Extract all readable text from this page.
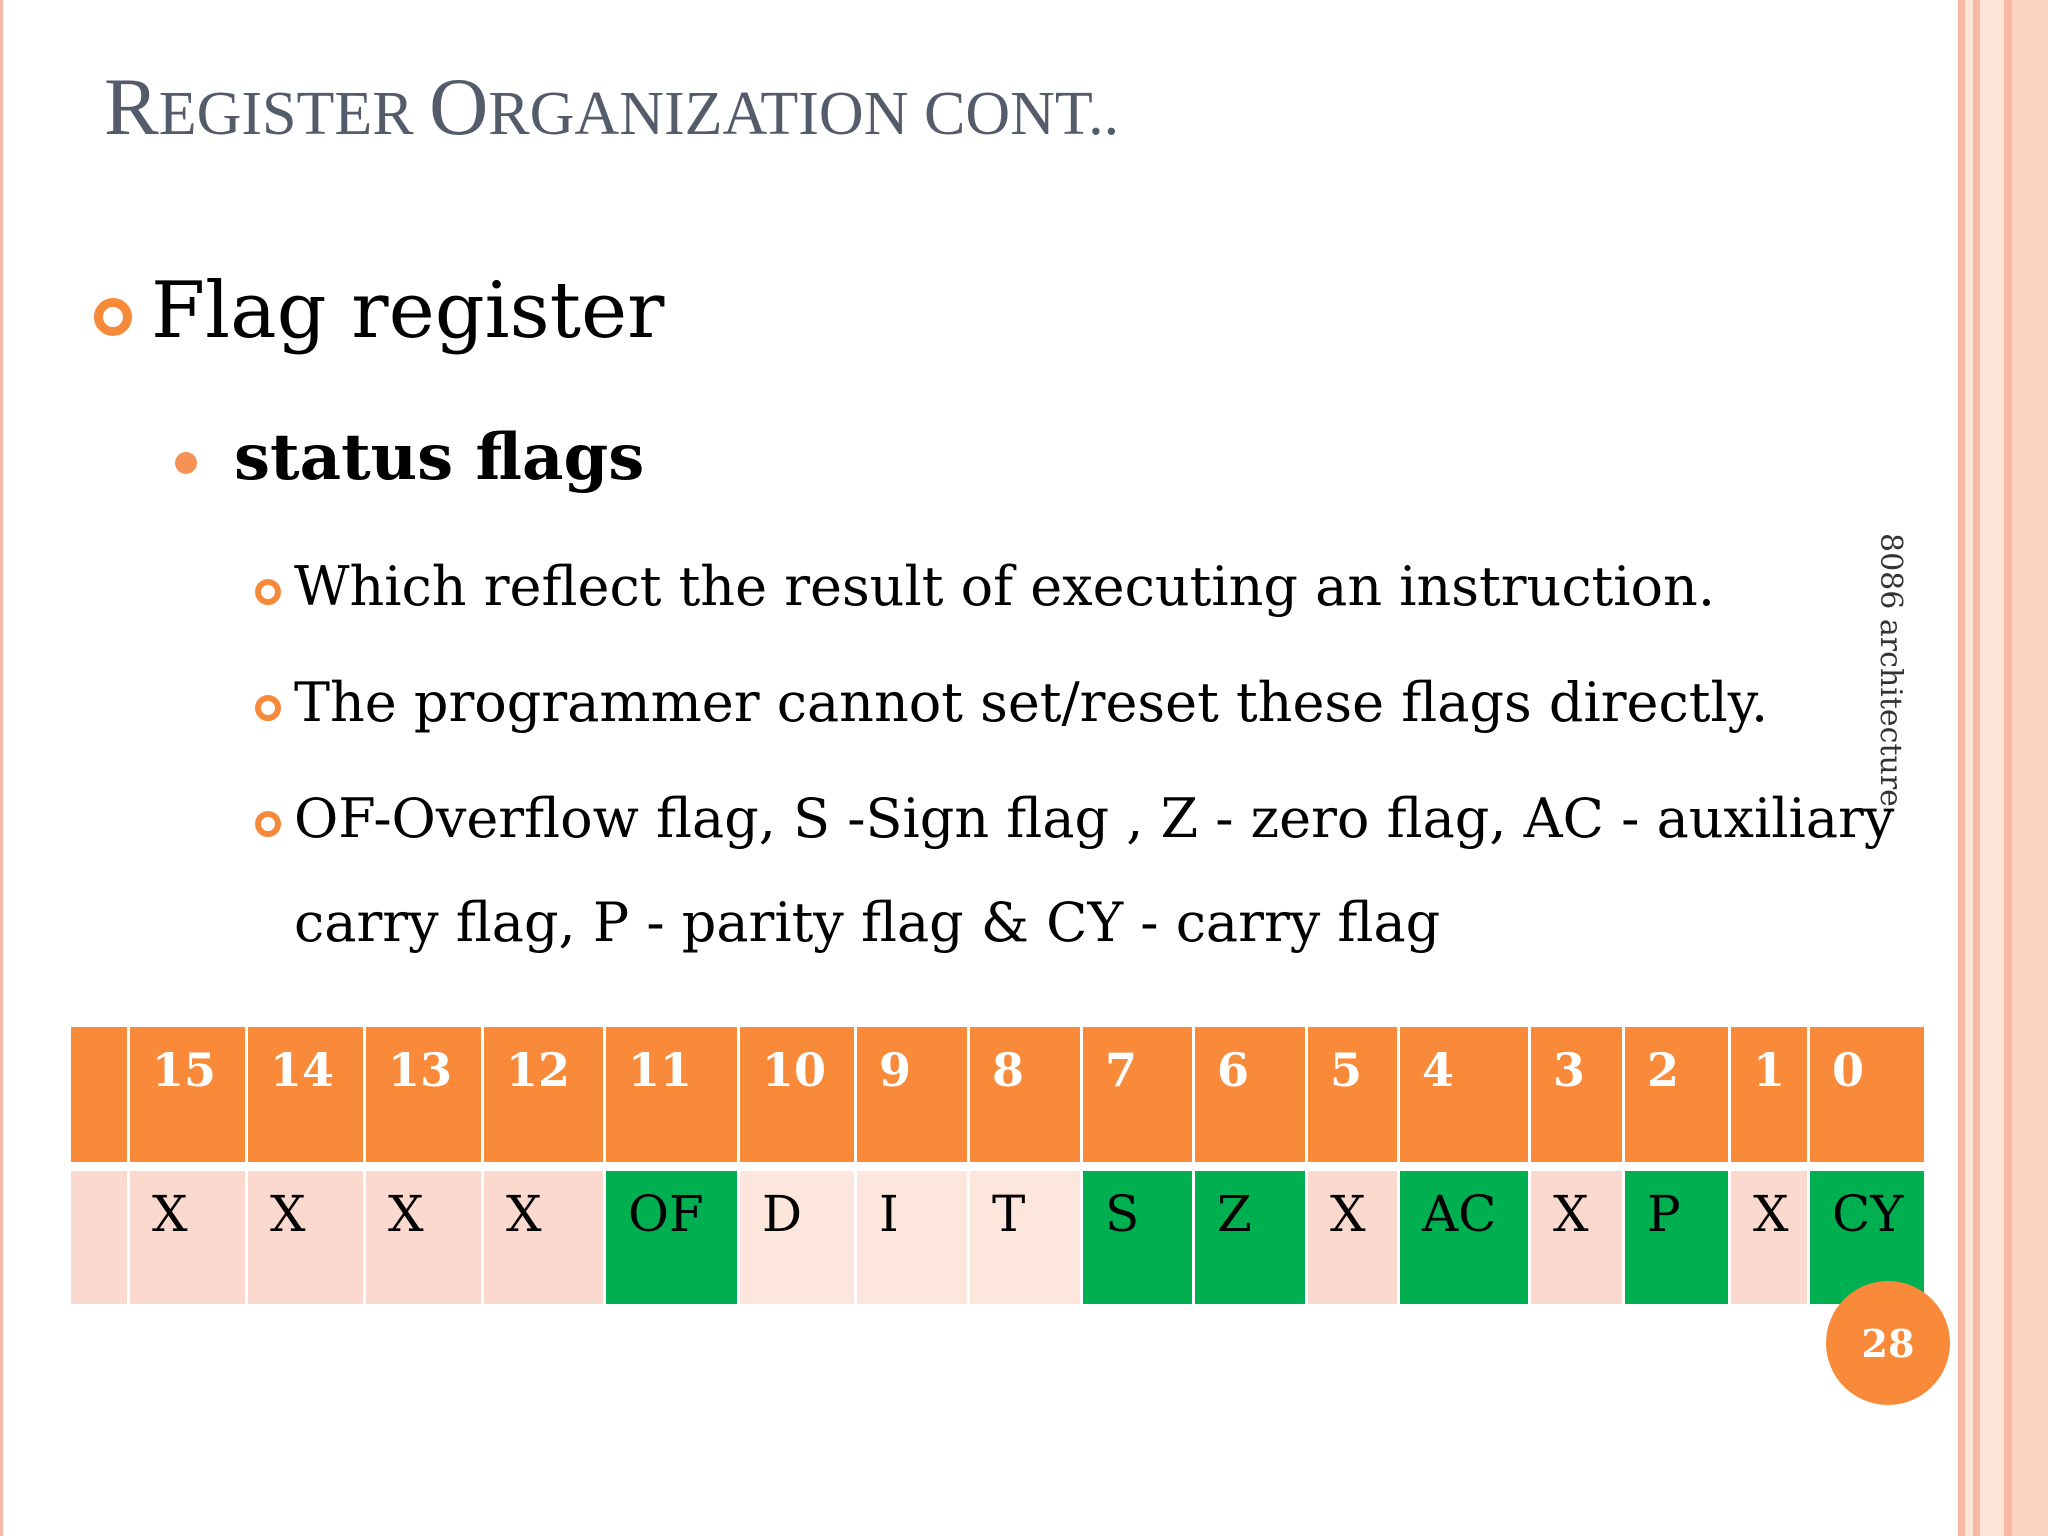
REGISTER ORGANIZATION CONT..
Flag register
status flags
Which reflect the result of executing an instruction.
The programmer cannot set/reset these flags directly.
OF-Overflow flag, S -Sign flag , Z - zero flag, AC - auxiliary
carry flag, P - parity flag & CY - carry flag
8086 architecture
	15	14	13	12	11	10	9	8	7	6	5	4	3	2	1	0

	X	X	X	X	OF	D	I	T	S	Z	X	AC	X	P	X	CY
28
